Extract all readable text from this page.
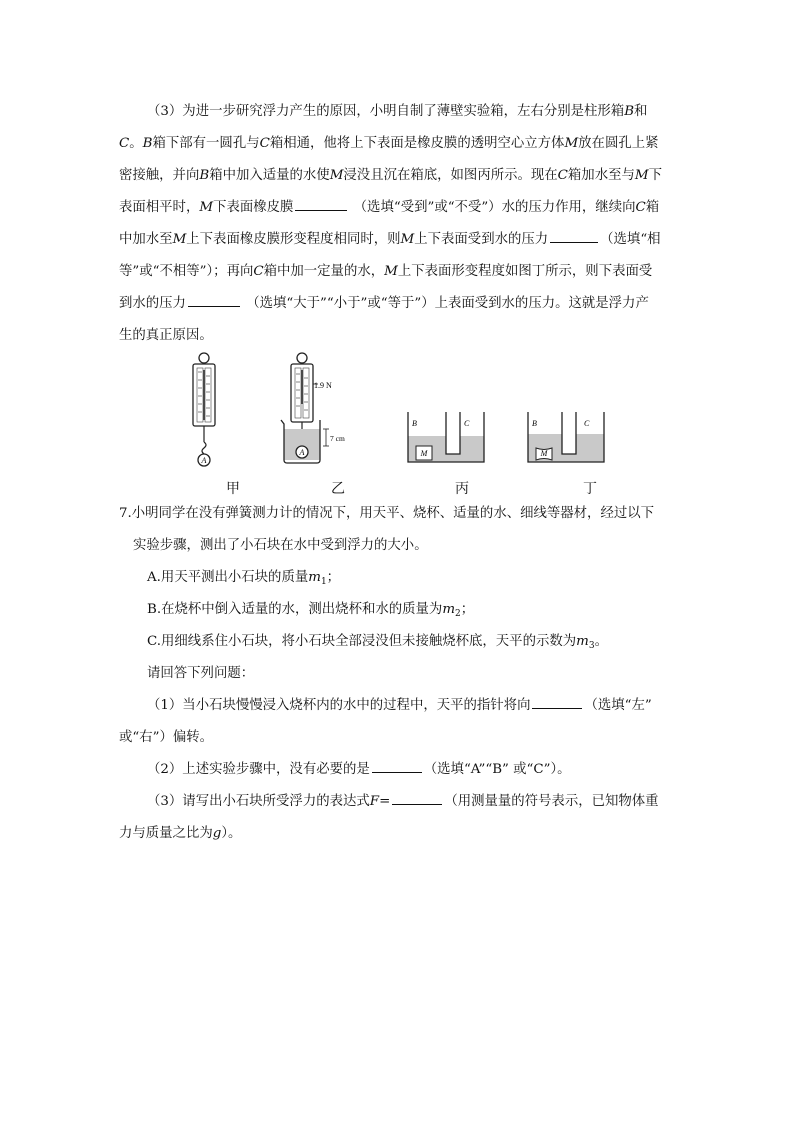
（3）为进一步研究浮力产生的原因，小明自制了薄壁实验箱，左右分别是柱形箱B和
C。B箱下部有一圆孔与C箱相通，他将上下表面是橡皮膜的透明空心立方体M放在圆孔上紧
密接触，并向B箱中加入适量的水使M浸没且沉在箱底，如图丙所示。现在C箱加水至与M下
表面相平时，M下表面橡皮膜	（选填“受到”或“不受”）水的压力作用，继续向C箱
中加水至M上下表面橡皮膜形变程度相同时，则M上下表面受到水的压力	（选填“相
等”或“不相等”）；再向C箱中加一定量的水，M上下表面形变程度如图丁所示，则下表面受
到水的压力	（选填“大于”“小于”或“等于”）上表面受到水的压力。这就是浮力产
生的真正原因。
A
1.9 N
A
7 cm
M
B	C
M
B	C
甲	乙	丙	丁
7.小明同学在没有弹簧测力计的情况下，用天平、烧杯、适量的水、细线等器材，经过以下
实验步骤，测出了小石块在水中受到浮力的大小。
A.用天平测出小石块的质量$m_1$；
B.在烧杯中倒入适量的水，测出烧杯和水的质量为$m_2$；
C.用细线系住小石块，将小石块全部浸没但未接触烧杯底，天平的示数为$m_3$。
请回答下列问题：
（1）当小石块慢慢浸入烧杯内的水中的过程中，天平的指针将向	（选填“左”
或“右”）偏转。
（2）上述实验步骤中，没有必要的是	（选填“A”“B” 或“C”）。
（3）请写出小石块所受浮力的表达式F=	（用测量量的符号表示，已知物体重
力与质量之比为g）。
